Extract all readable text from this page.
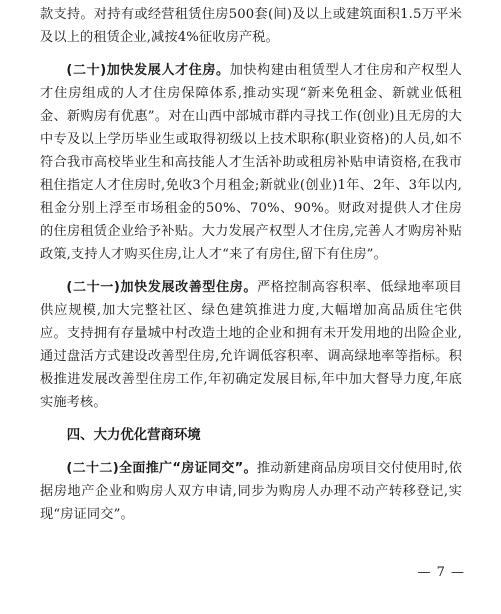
款支持。对持有或经营租赁住房500套(间)及以上或建筑面积1.5万平米及以上的租赁企业,减按4%征收房产税。

(二十)加快发展人才住房。加快构建由租赁型人才住房和产权型人才住房组成的人才住房保障体系,推动实现“新来免租金、新就业低租金、新购房有优惠”。对在山西中部城市群内寻找工作(创业)且无房的大中专及以上学历毕业生或取得初级以上技术职称(职业资格)的人员,如不符合我市高校毕业生和高技能人才生活补助或租房补贴申请资格,在我市租住指定人才住房时,免收3个月租金;新就业(创业)1年、2年、3年以内,租金分别上浮至市场租金的50%、70%、90%。财政对提供人才住房的住房租赁企业给予补贴。大力发展产权型人才住房,完善人才购房补贴政策,支持人才购买住房,让人才“来了有房住,留下有住房”。

(二十一)加快发展改善型住房。严格控制高容积率、低绿地率项目供应规模,加大完整社区、绿色建筑推进力度,大幅增加高品质住宅供应。支持拥有存量城中村改造土地的企业和拥有未开发用地的出险企业,通过盘活方式建设改善型住房,允许调低容积率、调高绿地率等指标。积极推进发展改善型住房工作,年初确定发展目标,年中加大督导力度,年底实施考核。

四、大力优化营商环境

(二十二)全面推广“房证同交”。推动新建商品房项目交付使用时,依据房地产企业和购房人双方申请,同步为购房人办理不动产转移登记,实现“房证同交”。

— 7 —
